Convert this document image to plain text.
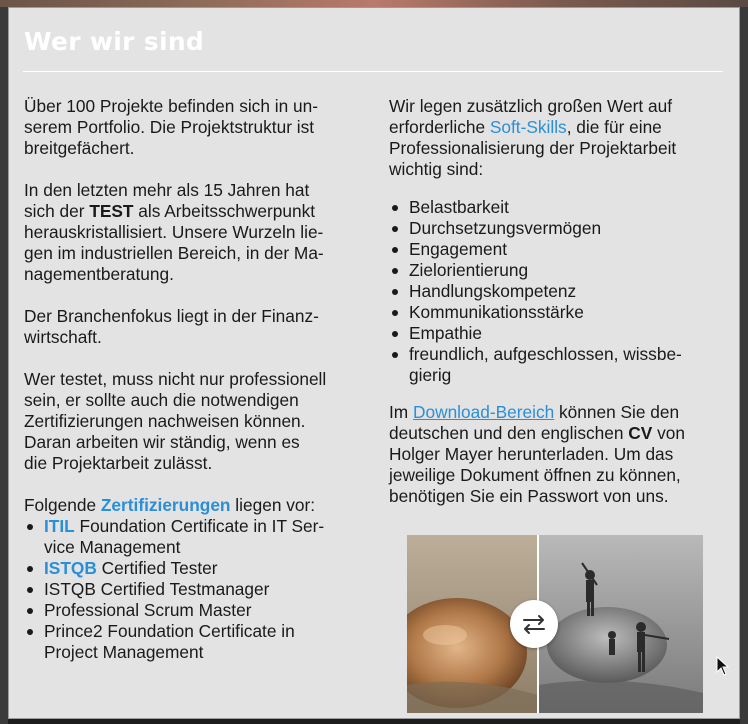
Wer wir sind
Über 100 Projekte befinden sich in un-
serem Portfolio. Die Projektstruktur ist
breitgefächert.
In den letzten mehr als 15 Jahren hat
sich der TEST als Arbeitsschwerpunkt
herauskristallisiert. Unsere Wurzeln lie-
gen im industriellen Bereich, in der Ma-
nagementberatung.
Der Branchenfokus liegt in der Finanz-
wirtschaft.
Wer testet, muss nicht nur professionell
sein, er sollte auch die notwendigen
Zertifizierungen nachweisen können.
Daran arbeiten wir ständig, wenn es
die Projektarbeit zulässt.
Folgende Zertifizierungen liegen vor:
ITIL Foundation Certificate in IT Ser-
vice Management
ISTQB Certified Tester
ISTQB Certified Testmanager
Professional Scrum Master
Prince2 Foundation Certificate in
Project Management
Wir legen zusätzlich großen Wert auf
erforderliche Soft-Skills, die für eine
Professionalisierung der Projektarbeit
wichtig sind:
Belastbarkeit
Durchsetzungsvermögen
Engagement
Zielorientierung
Handlungskompetenz
Kommunikationsstärke
Empathie
freundlich, aufgeschlossen, wissbe-
gierig
Im Download-Bereich können Sie den
deutschen und den englischen CV von
Holger Mayer herunterladen. Um das
jeweilige Dokument öffnen zu können,
benötigen Sie ein Passwort von uns.
